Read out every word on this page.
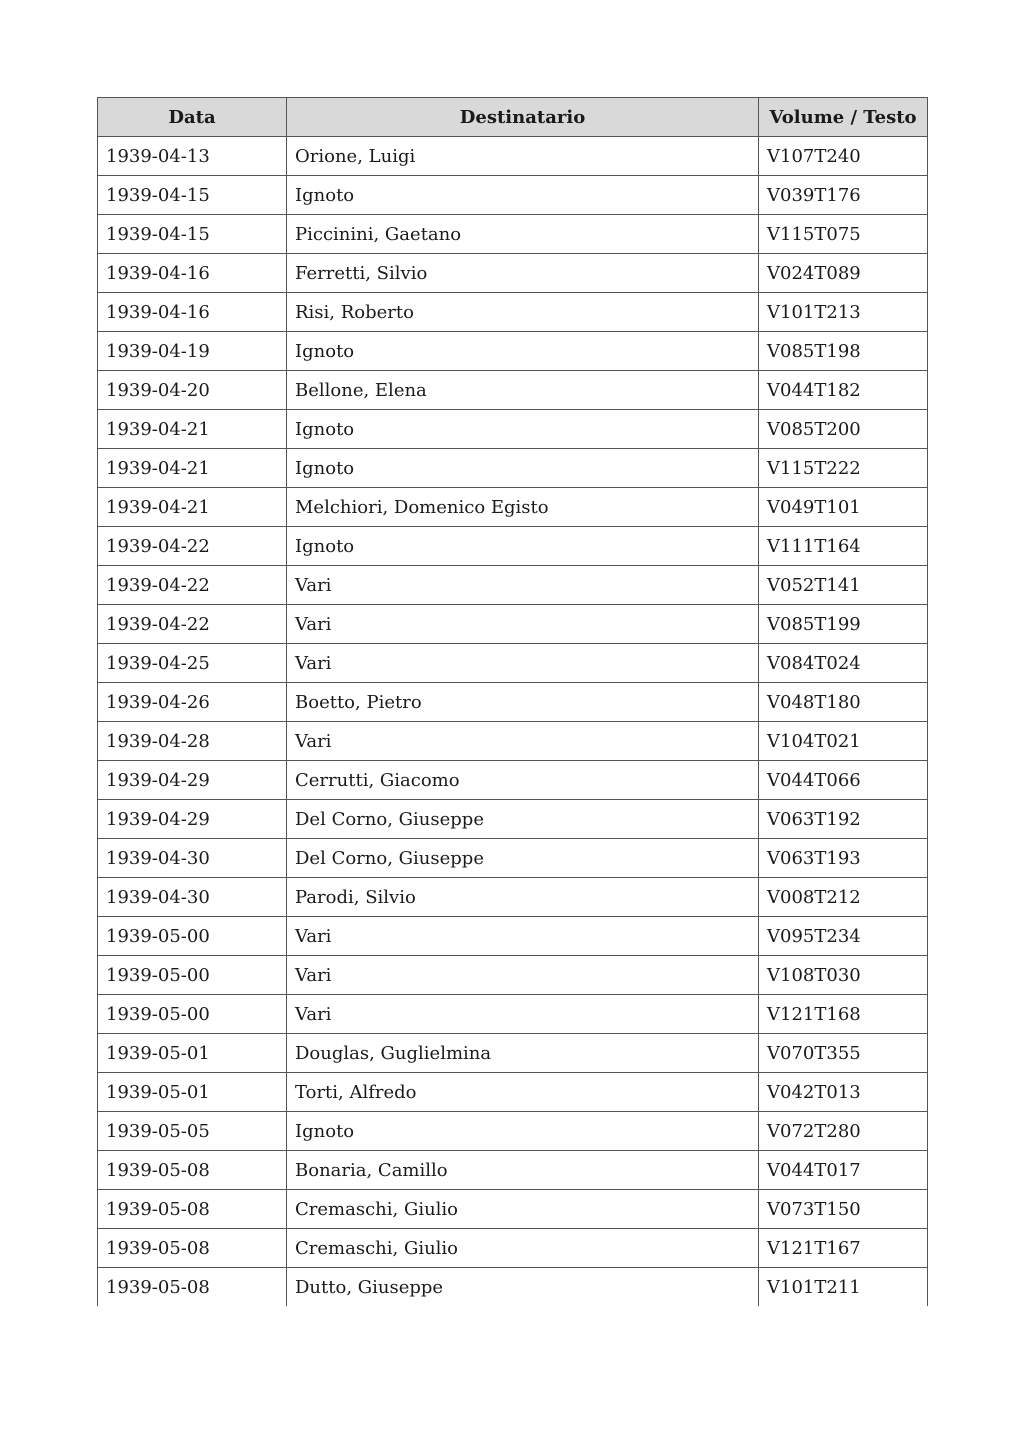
Data	Destinatario	Volume / Testo
1939-04-13	Orione, Luigi	V107T240
1939-04-15	Ignoto	V039T176
1939-04-15	Piccinini, Gaetano	V115T075
1939-04-16	Ferretti, Silvio	V024T089
1939-04-16	Risi, Roberto	V101T213
1939-04-19	Ignoto	V085T198
1939-04-20	Bellone, Elena	V044T182
1939-04-21	Ignoto	V085T200
1939-04-21	Ignoto	V115T222
1939-04-21	Melchiori, Domenico Egisto	V049T101
1939-04-22	Ignoto	V111T164
1939-04-22	Vari	V052T141
1939-04-22	Vari	V085T199
1939-04-25	Vari	V084T024
1939-04-26	Boetto, Pietro	V048T180
1939-04-28	Vari	V104T021
1939-04-29	Cerrutti, Giacomo	V044T066
1939-04-29	Del Corno, Giuseppe	V063T192
1939-04-30	Del Corno, Giuseppe	V063T193
1939-04-30	Parodi, Silvio	V008T212
1939-05-00	Vari	V095T234
1939-05-00	Vari	V108T030
1939-05-00	Vari	V121T168
1939-05-01	Douglas, Guglielmina	V070T355
1939-05-01	Torti, Alfredo	V042T013
1939-05-05	Ignoto	V072T280
1939-05-08	Bonaria, Camillo	V044T017
1939-05-08	Cremaschi, Giulio	V073T150
1939-05-08	Cremaschi, Giulio	V121T167
1939-05-08	Dutto, Giuseppe	V101T211
